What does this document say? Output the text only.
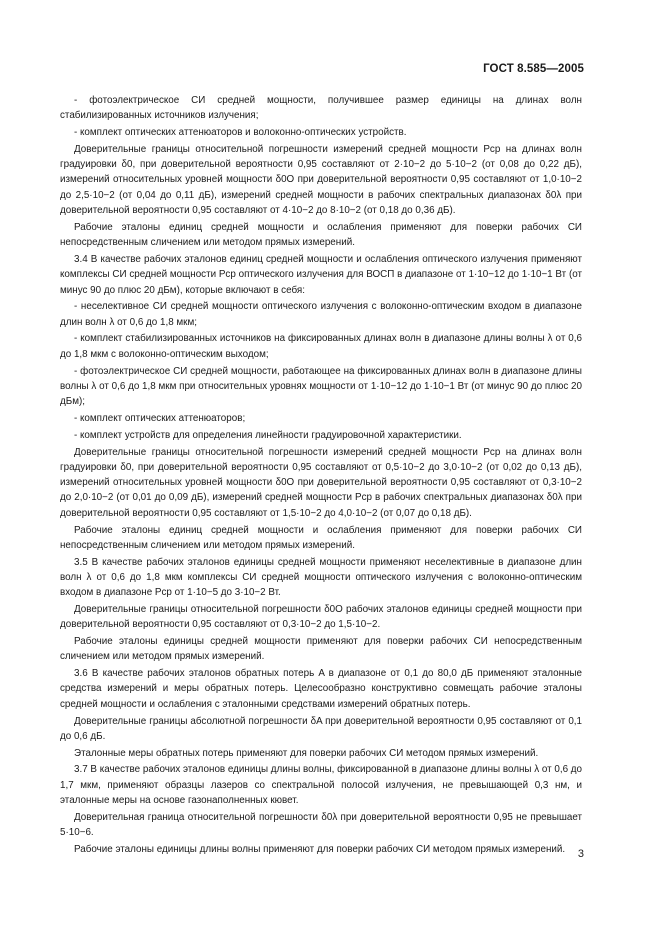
ГОСТ 8.585—2005

- фотоэлектрическое СИ средней мощности, получившее размер единицы на длинах волн стабилизированных источников излучения;

- комплект оптических аттенюаторов и волоконно-оптических устройств.

Доверительные границы относительной погрешности измерений средней мощности Pср на длинах волн градуировки δ0, при доверительной вероятности 0,95 составляют от 2·10−2 до 5·10−2 (от 0,08 до 0,22 дБ), измерений относительных уровней мощности δ0О при доверительной вероятности 0,95 составляют от 1,0·10−2 до 2,5·10−2 (от 0,04 до 0,11 дБ), измерений средней мощности в рабочих спектральных диапазонах δ0λ при доверительной вероятности 0,95 составляют от 4·10−2 до 8·10−2 (от 0,18 до 0,36 дБ).

Рабочие эталоны единиц средней мощности и ослабления применяют для поверки рабочих СИ непосредственным сличением или методом прямых измерений.

3.4 В качестве рабочих эталонов единиц средней мощности и ослабления оптического излучения применяют комплексы СИ средней мощности Pср оптического излучения для ВОСП в диапазоне от 1·10−12 до 1·10−1 Вт (от минус 90 до плюс 20 дБм), которые включают в себя:

- неселективное СИ средней мощности оптического излучения с волоконно-оптическим входом в диапазоне длин волн λ от 0,6 до 1,8 мкм;

- комплект стабилизированных источников на фиксированных длинах волн в диапазоне длины волны λ от 0,6 до 1,8 мкм с волоконно-оптическим выходом;

- фотоэлектрическое СИ средней мощности, работающее на фиксированных длинах волн в диапазоне длины волны λ от 0,6 до 1,8 мкм при относительных уровнях мощности от 1·10−12 до 1·10−1 Вт (от минус 90 до плюс 20 дБм);

- комплект оптических аттенюаторов;

- комплект устройств для определения линейности градуировочной характеристики.

Доверительные границы относительной погрешности измерений средней мощности Pср на длинах волн градуировки δ0, при доверительной вероятности 0,95 составляют от 0,5·10−2 до 3,0·10−2 (от 0,02 до 0,13 дБ), измерений относительных уровней мощности δ0О при доверительной вероятности 0,95 составляют от 0,3·10−2 до 2,0·10−2 (от 0,01 до 0,09 дБ), измерений средней мощности Pср в рабочих спектральных диапазонах δ0λ при доверительной вероятности 0,95 составляют от 1,5·10−2 до 4,0·10−2 (от 0,07 до 0,18 дБ).

Рабочие эталоны единиц средней мощности и ослабления применяют для поверки рабочих СИ непосредственным сличением или методом прямых измерений.

3.5 В качестве рабочих эталонов единицы средней мощности применяют неселективные в диапазоне длин волн λ от 0,6 до 1,8 мкм комплексы СИ средней мощности оптического излучения с волоконно-оптическим входом в диапазоне Pср от 1·10−5 до 3·10−2 Вт.

Доверительные границы относительной погрешности δ0О рабочих эталонов единицы средней мощности при доверительной вероятности 0,95 составляют от 0,3·10−2 до 1,5·10−2.

Рабочие эталоны единицы средней мощности применяют для поверки рабочих СИ непосредственным сличением или методом прямых измерений.

3.6 В качестве рабочих эталонов обратных потерь A в диапазоне от 0,1 до 80,0 дБ применяют эталонные средства измерений и меры обратных потерь. Целесообразно конструктивно совмещать рабочие эталоны средней мощности и ослабления с эталонными средствами измерений обратных потерь.

Доверительные границы абсолютной погрешности δA при доверительной вероятности 0,95 составляют от 0,1 до 0,6 дБ.

Эталонные меры обратных потерь применяют для поверки рабочих СИ методом прямых измерений.

3.7 В качестве рабочих эталонов единицы длины волны, фиксированной в диапазоне длины волны λ от 0,6 до 1,7 мкм, применяют образцы лазеров со спектральной полосой излучения, не превышающей 0,3 нм, и эталонные меры на основе газонаполненных кювет.

Доверительная граница относительной погрешности δ0λ при доверительной вероятности 0,95 не превышает 5·10−6.

Рабочие эталоны единицы длины волны применяют для поверки рабочих СИ методом прямых измерений.	3
